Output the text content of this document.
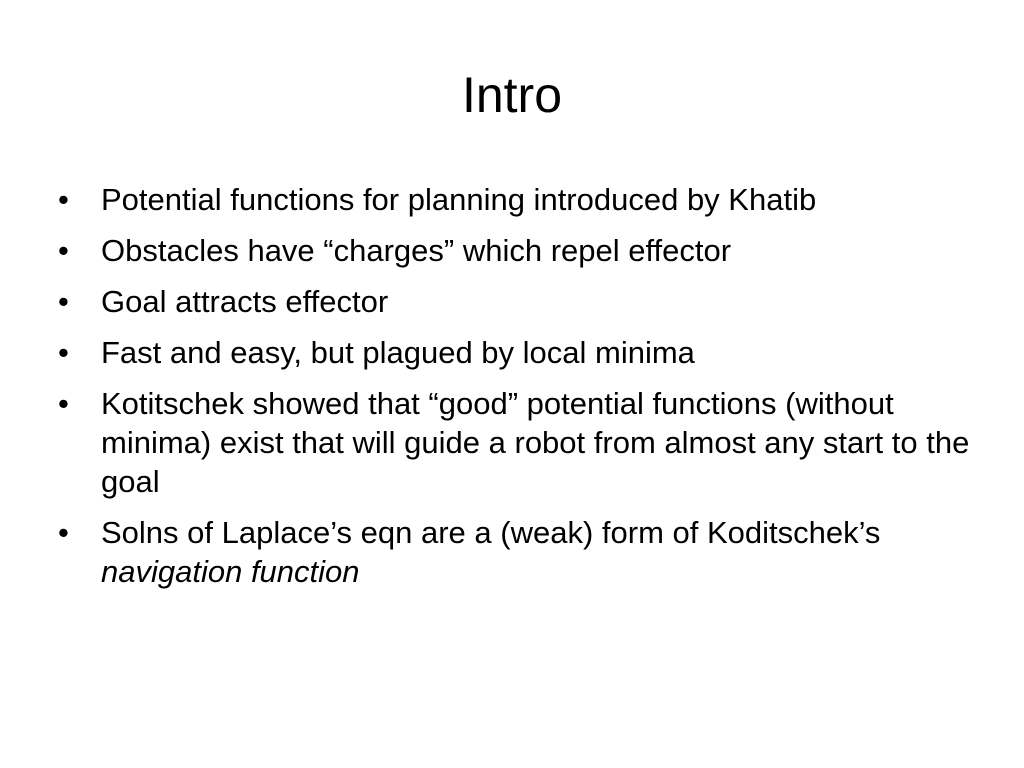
Intro
• Potential functions for planning introduced by Khatib
• Obstacles have “charges” which repel effector
• Goal attracts effector
• Fast and easy, but plagued by local minima
• Kotitschek showed that “good” potential functions (without minima) exist that will guide a robot from almost any start to the goal
• Solns of Laplace’s eqn are a (weak) form of Koditschek’s navigation function
